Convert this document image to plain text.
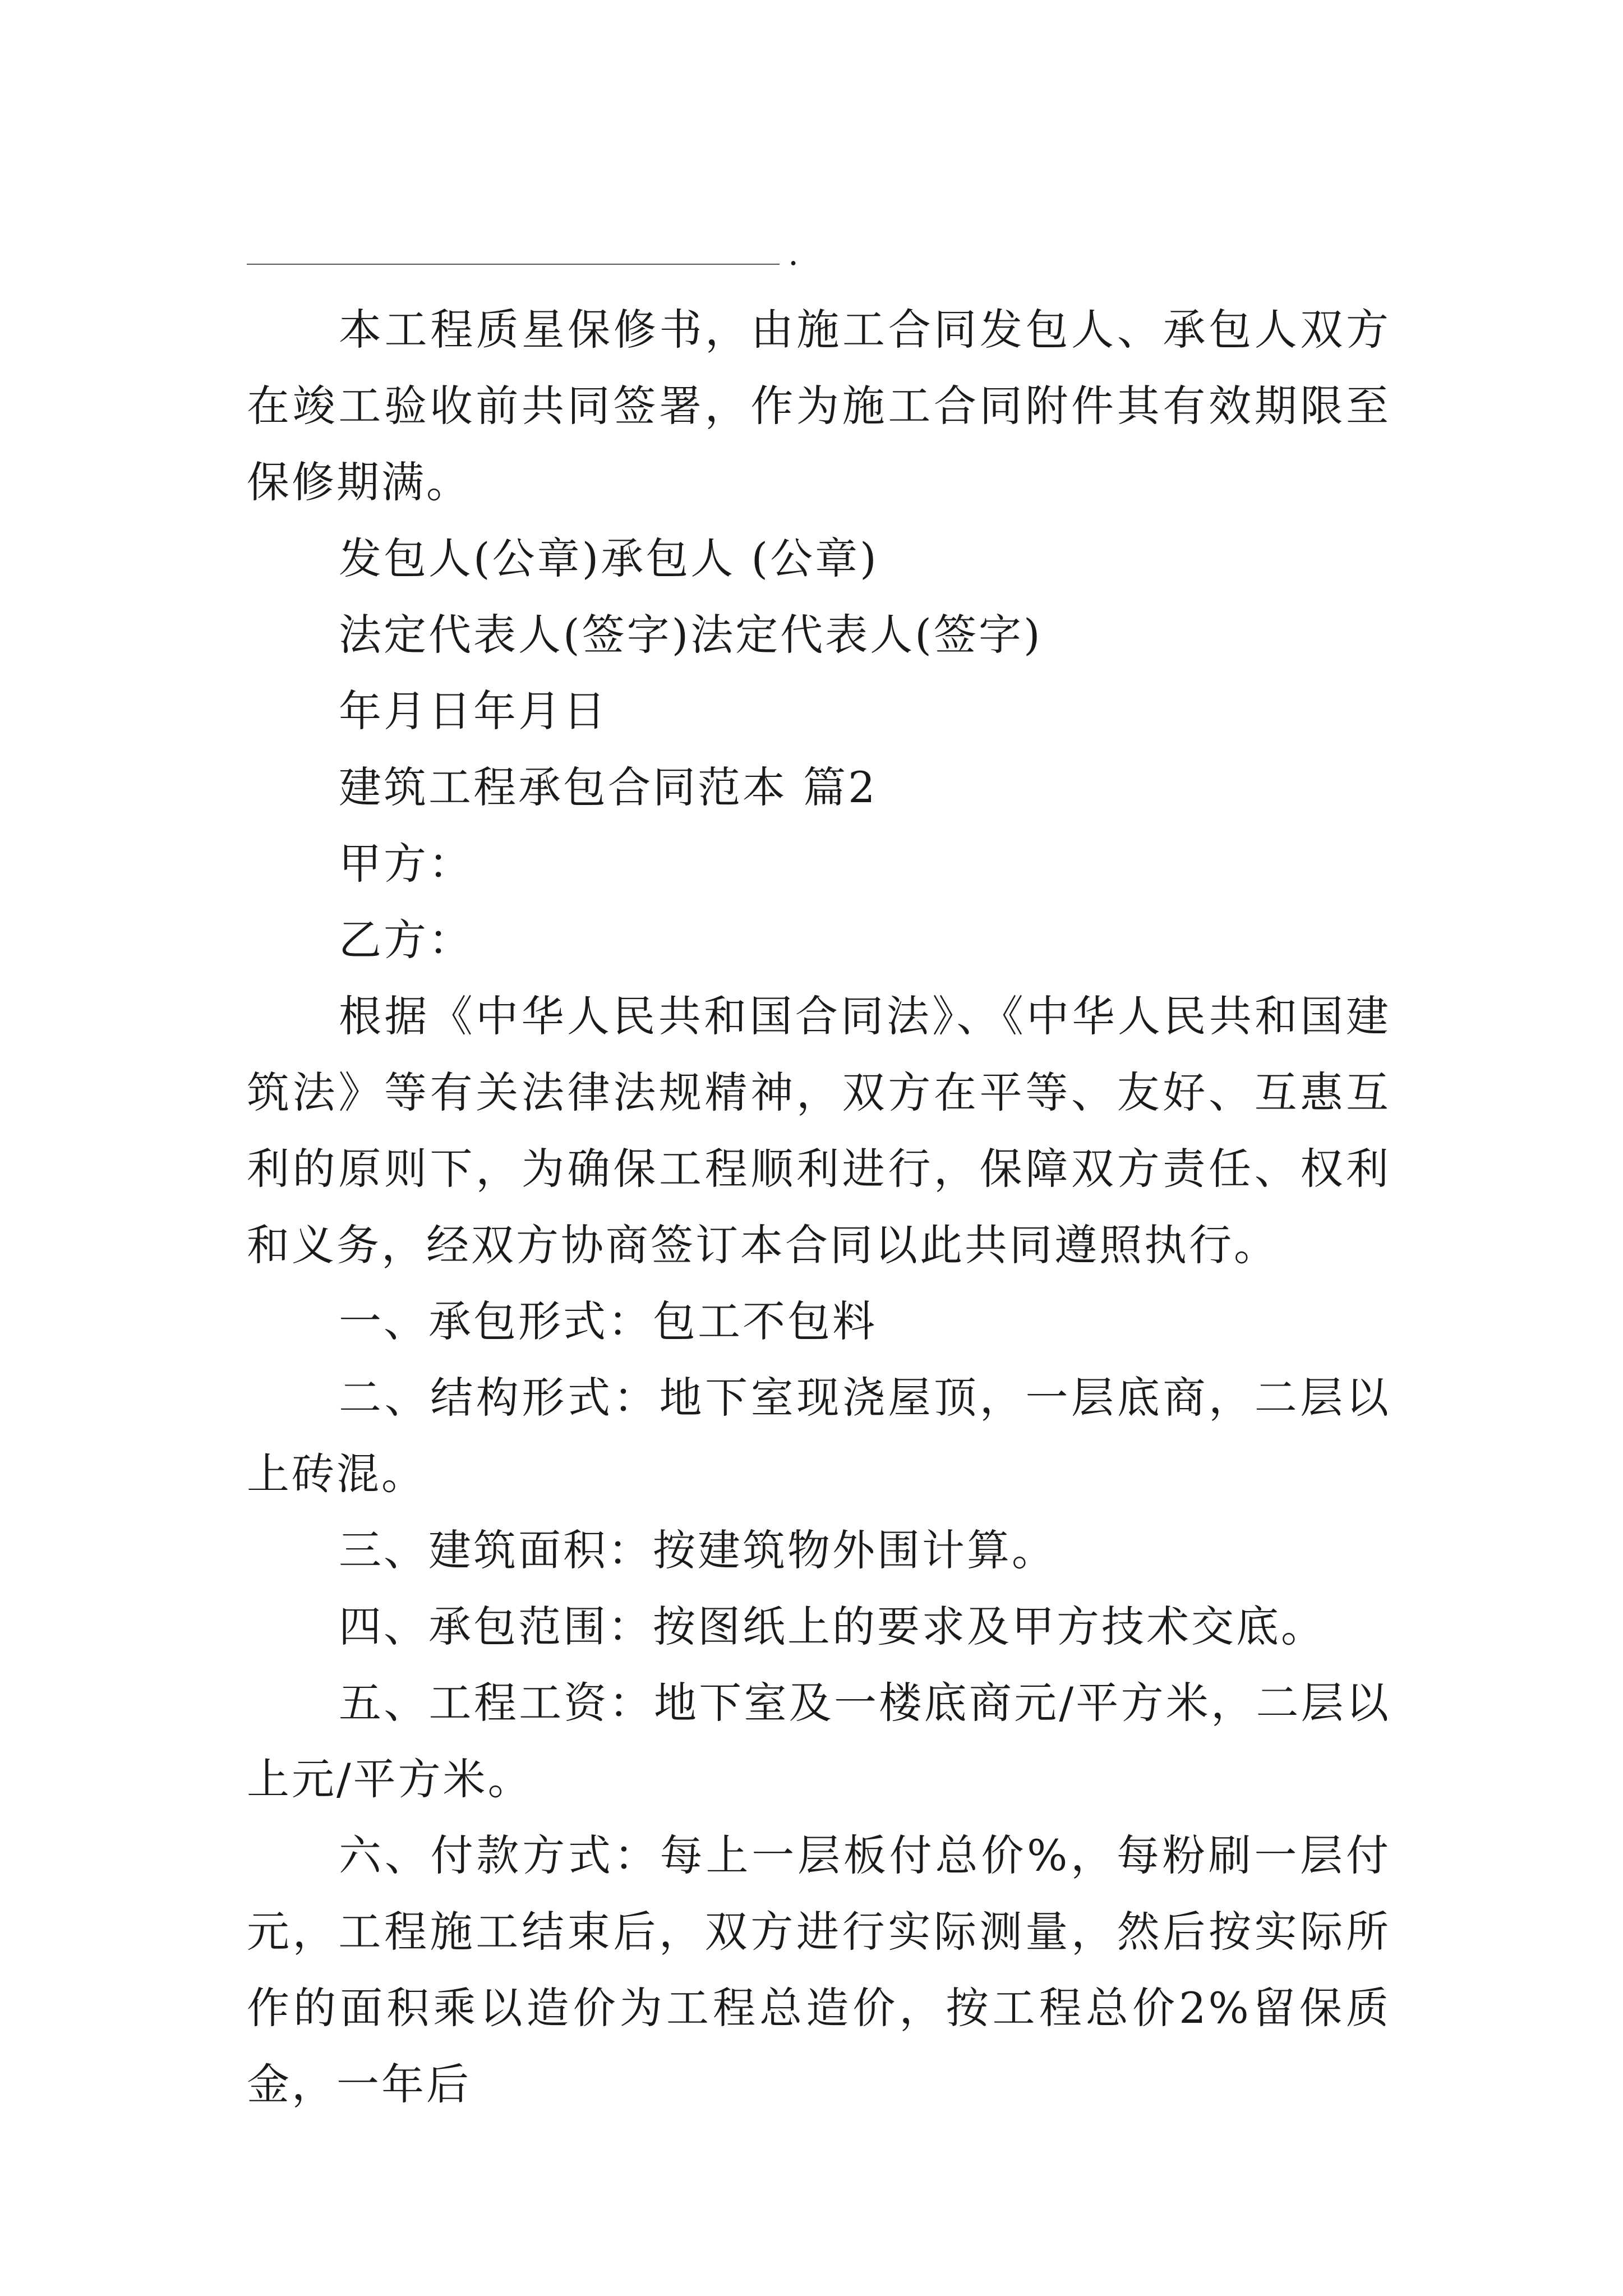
.

本工程质星保修书，由施工合同发包人、承包人双方在竣工验收前共同签署，作为施工合同附件其有效期限至保修期满。

发包人(公章)承包人 (公章)

法定代表人(签字)法定代表人(签字)

年月日年月日

建筑工程承包合同范本 篇2

甲方：

乙方：

根据《中华人民共和国合同法》、《中华人民共和国建筑法》等有关法律法规精神，双方在平等、友好、互惠互利的原则下，为确保工程顺利进行，保障双方责任、权利和义务，经双方协商签订本合同以此共同遵照执行。

一、承包形式：包工不包料

二、结构形式：地下室现浇屋顶，一层底商，二层以上砖混。

三、建筑面积：按建筑物外围计算。

四、承包范围：按图纸上的要求及甲方技术交底。

五、工程工资：地下室及一楼底商元/平方米，二层以上元/平方米。

六、付款方式：每上一层板付总价%，每粉刷一层付元，工程施工结束后，双方进行实际测量，然后按实际所作的面积乘以造价为工程总造价，按工程总价2%留保质金，一年后
